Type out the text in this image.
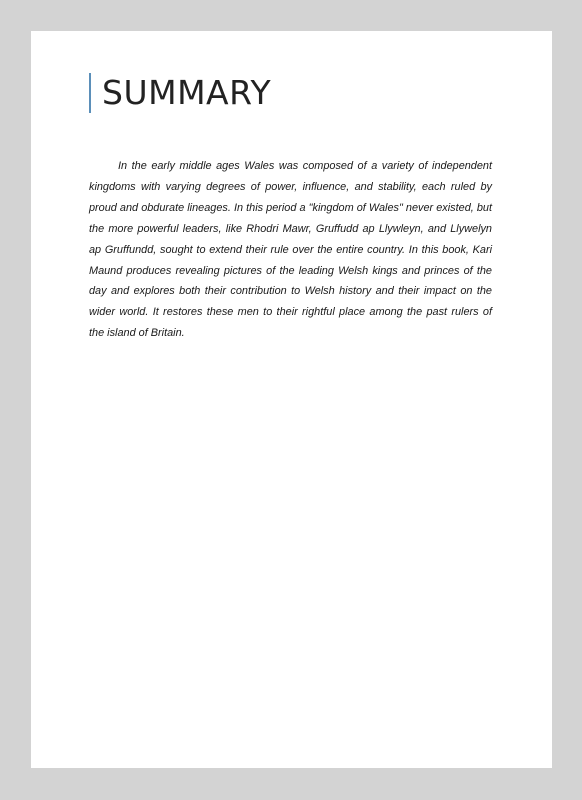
SUMMARY

In the early middle ages Wales was composed of a variety of independent kingdoms with varying degrees of power, influence, and stability, each ruled by proud and obdurate lineages. In this period a "kingdom of Wales" never existed, but the more powerful leaders, like Rhodri Mawr, Gruffudd ap Llywleyn, and Llywelyn ap Gruffundd, sought to extend their rule over the entire country. In this book, Kari Maund produces revealing pictures of the leading Welsh kings and princes of the day and explores both their contribution to Welsh history and their impact on the wider world. It restores these men to their rightful place among the past rulers of the island of Britain.
